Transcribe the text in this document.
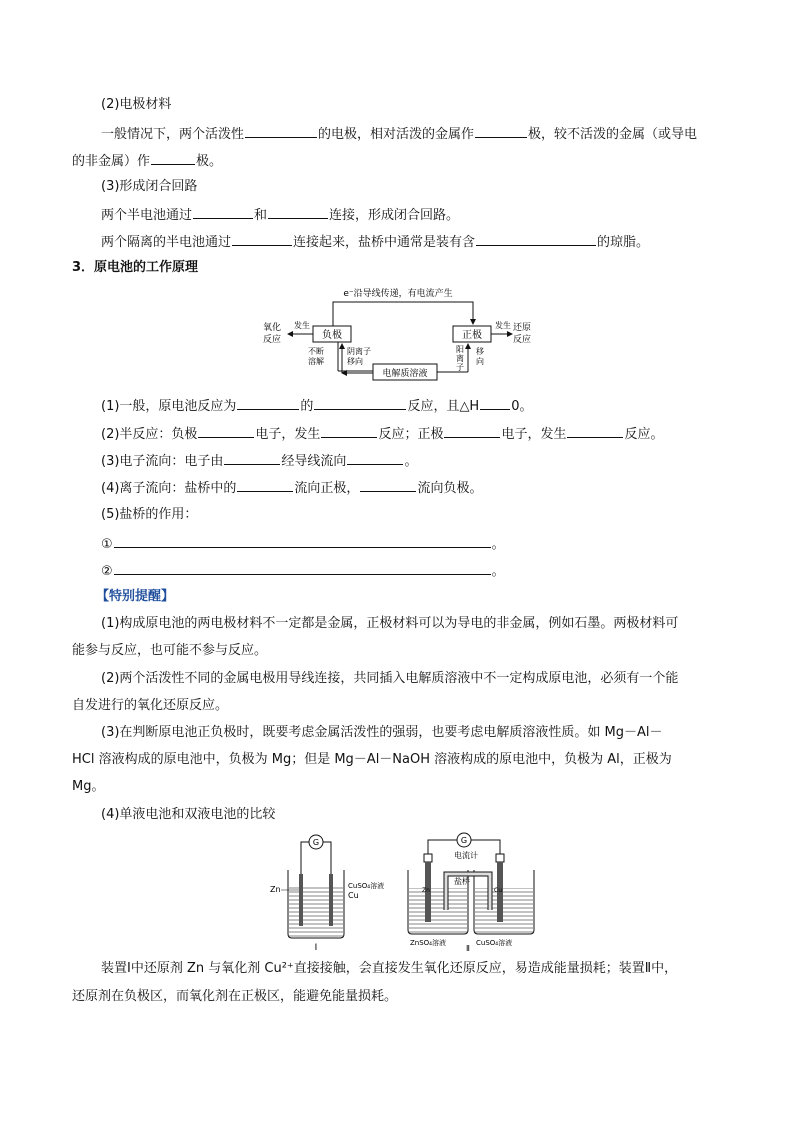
(2)电极材料
一般情况下，两个活泼性	的电极，相对活泼的金属作	极，较不活泼的金属（或导电
的非金属）作	极。
(3)形成闭合回路
两个半电池通过	和	连接，形成闭合回路。
两个隔离的半电池通过	连接起来，盐桥中通常是装有含	的琼脂。
3．原电池的工作原理
e⁻沿导线传递，有电流产生
负极	正极
氧化
反应
发生	发生 还原
反应
不断
溶解
阴离子
移向
电解质溶液
阳
离
子
移
向
(1)一般，原电池反应为	的	反应，且△H 0。
(2)半反应：负极	电子，发生	反应；正极	电子，发生	反应。
(3)电子流向：电子由	经导线流向	。
(4)离子流向：盐桥中的	流向正极，	流向负极。
(5)盐桥的作用：
①	。
②	。
【特别提醒】
(1)构成原电池的两电极材料不一定都是金属，正极材料可以为导电的非金属，例如石墨。两极材料可
能参与反应，也可能不参与反应。
(2)两个活泼性不同的金属电极用导线连接，共同插入电解质溶液中不一定构成原电池，必须有一个能
自发进行的氧化还原反应。
(3)在判断原电池正负极时，既要考虑金属活泼性的强弱，也要考虑电解质溶液性质。如 Mg－Al－
HCl 溶液构成的原电池中，负极为 Mg；但是 Mg－Al－NaOH 溶液构成的原电池中，负极为 Al，正极为
Mg。
(4)单液电池和双液电池的比较
G
Zn	CuSO₄溶液
Cu
Ⅰ
G
电流计
Zn	Cu
盐桥
ZnSO₄溶液	CuSO₄溶液
Ⅱ
装置Ⅰ中还原剂 Zn 与氧化剂 Cu²⁺直接接触，会直接发生氧化还原反应，易造成能量损耗；装置Ⅱ中，
还原剂在负极区，而氧化剂在正极区，能避免能量损耗。
